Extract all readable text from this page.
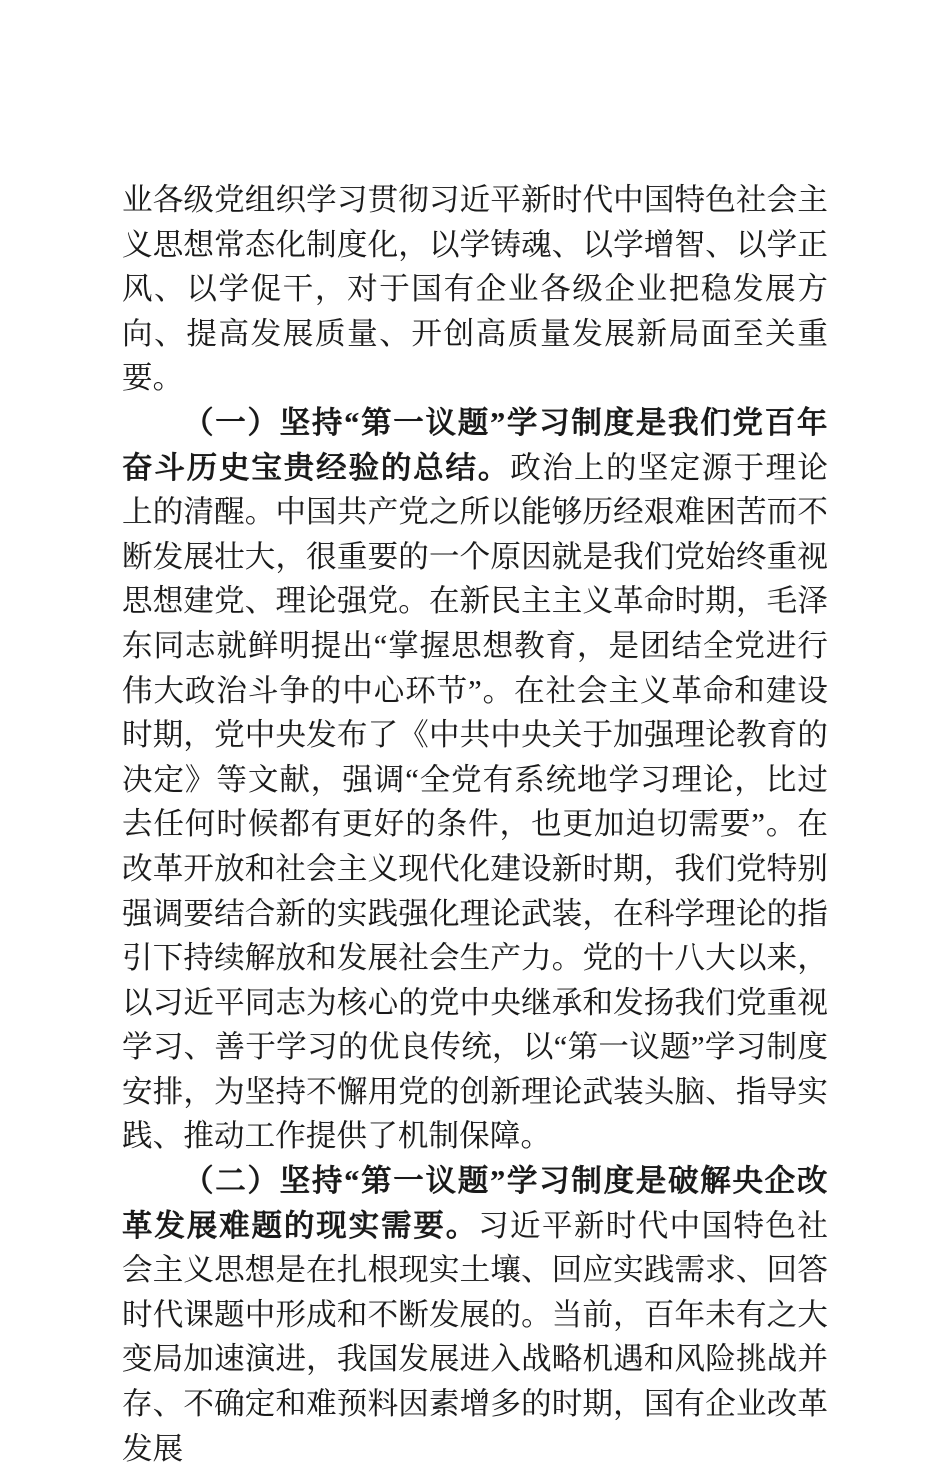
业各级党组织学习贯彻习近平新时代中国特色社会主义思想常态化制度化，以学铸魂、以学增智、以学正风、以学促干，对于国有企业各级企业把稳发展方向、提高发展质量、开创高质量发展新局面至关重要。

（一）坚持“第一议题”学习制度是我们党百年奋斗历史宝贵经验的总结。政治上的坚定源于理论上的清醒。中国共产党之所以能够历经艰难困苦而不断发展壮大，很重要的一个原因就是我们党始终重视思想建党、理论强党。在新民主主义革命时期，毛泽东同志就鲜明提出“掌握思想教育，是团结全党进行伟大政治斗争的中心环节”。在社会主义革命和建设时期，党中央发布了《中共中央关于加强理论教育的决定》等文献，强调“全党有系统地学习理论，比过去任何时候都有更好的条件，也更加迫切需要”。在改革开放和社会主义现代化建设新时期，我们党特别强调要结合新的实践强化理论武装，在科学理论的指引下持续解放和发展社会生产力。党的十八大以来，以习近平同志为核心的党中央继承和发扬我们党重视学习、善于学习的优良传统，以“第一议题”学习制度安排，为坚持不懈用党的创新理论武装头脑、指导实践、推动工作提供了机制保障。

（二）坚持“第一议题”学习制度是破解央企改革发展难题的现实需要。习近平新时代中国特色社会主义思想是在扎根现实土壤、回应实践需求、回答时代课题中形成和不断发展的。当前，百年未有之大变局加速演进，我国发展进入战略机遇和风险挑战并存、不确定和难预料因素增多的时期，国有企业改革发展
